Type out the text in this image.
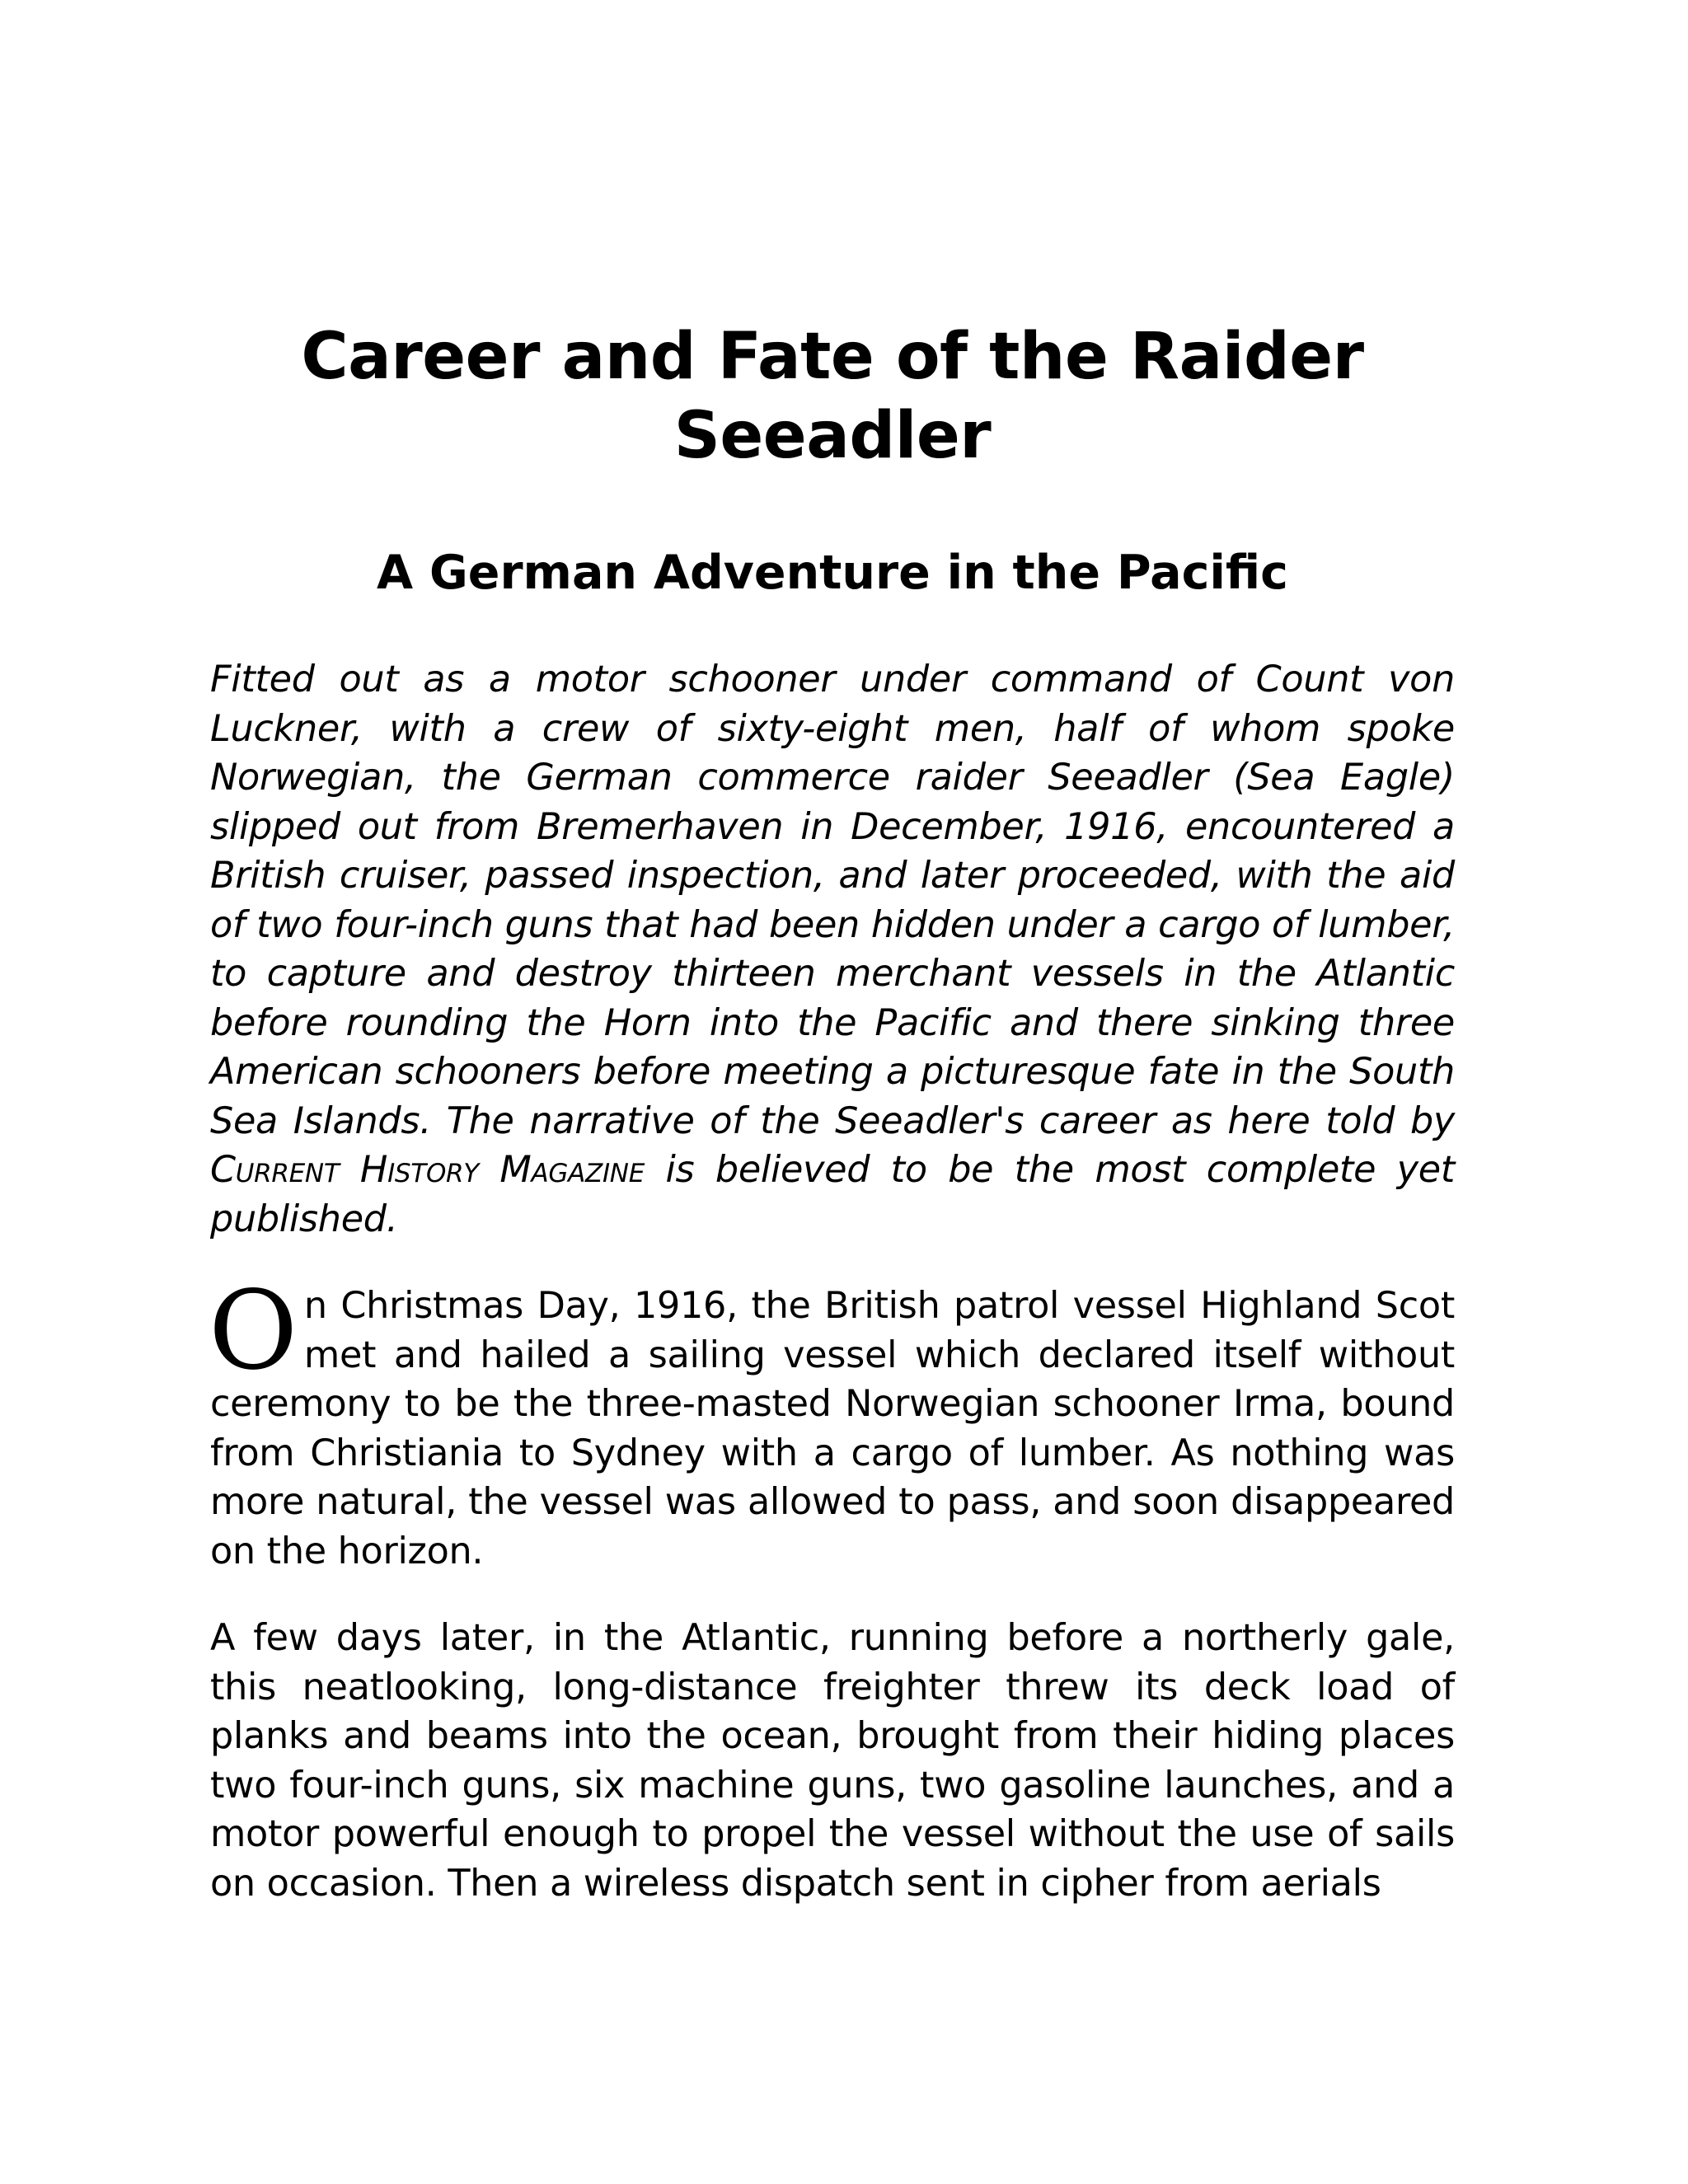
Career and Fate of the Raider Seeadler
A German Adventure in the Pacific

Fitted out as a motor schooner under command of Count von Luckner, with a crew of sixty-eight men, half of whom spoke Norwegian, the German commerce raider Seeadler (Sea Eagle) slipped out from Bremerhaven in December, 1916, encountered a British cruiser, passed inspection, and later proceeded, with the aid of two four-inch guns that had been hidden under a cargo of lumber, to capture and destroy thirteen merchant vessels in the Atlantic before rounding the Horn into the Pacific and there sinking three American schooners before meeting a picturesque fate in the South Sea Islands. The narrative of the Seeadler's career as here told by Current History Magazine is believed to be the most complete yet published.

On Christmas Day, 1916, the British patrol vessel Highland Scot met and hailed a sailing vessel which declared itself without ceremony to be the three-masted Norwegian schooner Irma, bound from Christiania to Sydney with a cargo of lumber. As nothing was more natural, the vessel was allowed to pass, and soon disappeared on the horizon.

A few days later, in the Atlantic, running before a northerly gale, this neatlooking, long-distance freighter threw its deck load of planks and beams into the ocean, brought from their hiding places two four-inch guns, six machine guns, two gasoline launches, and a motor powerful enough to propel the vessel without the use of sails on occasion. Then a wireless dispatch sent in cipher from aerials
